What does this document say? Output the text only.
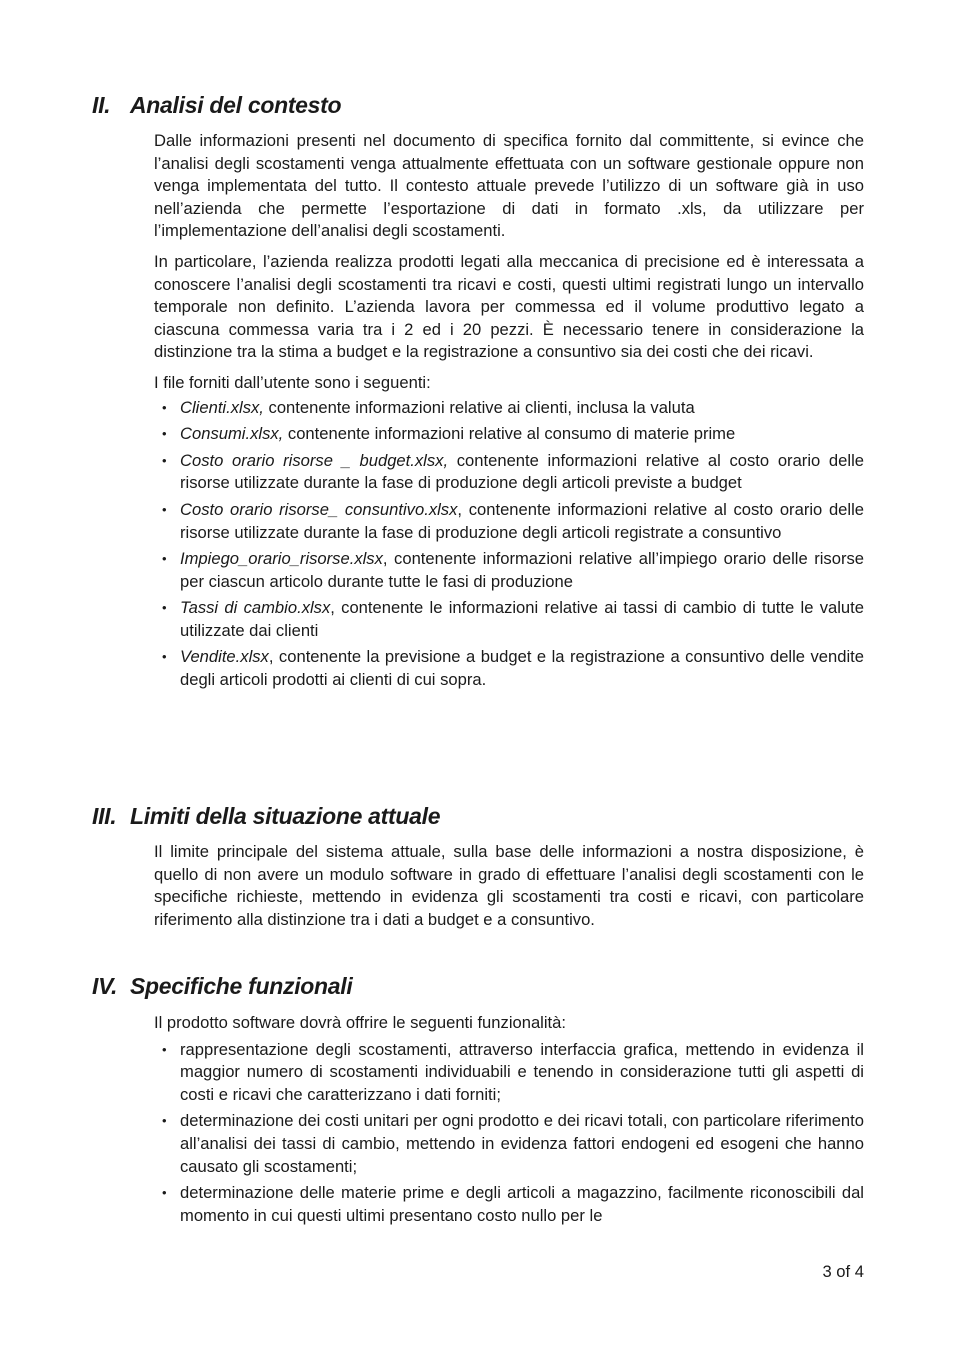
II. Analisi del contesto

Dalle informazioni presenti nel documento di specifica fornito dal committente, si evince che l’analisi degli scostamenti venga attualmente effettuata con un software gestionale oppure non venga implementata del tutto. Il contesto attuale prevede l’utilizzo di un software già in uso nell’azienda che permette l’esportazione di dati in formato .xls, da utilizzare per l’implementazione dell’analisi degli scostamenti.

In particolare, l’azienda realizza prodotti legati alla meccanica di precisione ed è interessata a conoscere l’analisi degli scostamenti tra ricavi e costi, questi ultimi registrati lungo un intervallo temporale non definito. L’azienda lavora per commessa ed il volume produttivo legato a ciascuna commessa varia tra i 2 ed i 20 pezzi. È necessario tenere in considerazione la distinzione tra la stima a budget e la registrazione a consuntivo sia dei costi che dei ricavi.

I file forniti dall’utente sono i seguenti:

• Clienti.xlsx, contenente informazioni relative ai clienti, inclusa la valuta
• Consumi.xlsx, contenente informazioni relative al consumo di materie prime
• Costo orario risorse _ budget.xlsx, contenente informazioni relative al costo orario delle risorse utilizzate durante la fase di produzione degli articoli previste a budget
• Costo orario risorse_ consuntivo.xlsx, contenente informazioni relative al costo orario delle risorse utilizzate durante la fase di produzione degli articoli registrate a consuntivo
• Impiego_orario_risorse.xlsx, contenente informazioni relative all’impiego orario delle risorse per ciascun articolo durante tutte le fasi di produzione
• Tassi di cambio.xlsx, contenente le informazioni relative ai tassi di cambio di tutte le valute utilizzate dai clienti
• Vendite.xlsx, contenente la previsione a budget e la registrazione a consuntivo delle vendite degli articoli prodotti ai clienti di cui sopra.
III. Limiti della situazione attuale

Il limite principale del sistema attuale, sulla base delle informazioni a nostra disposizione, è quello di non avere un modulo software in grado di effettuare l’analisi degli scostamenti con le specifiche richieste, mettendo in evidenza gli scostamenti tra costi e ricavi, con particolare riferimento alla distinzione tra i dati a budget e a consuntivo.

IV. Specifiche funzionali

Il prodotto software dovrà offrire le seguenti funzionalità:

• rappresentazione degli scostamenti, attraverso interfaccia grafica, mettendo in evidenza il maggior numero di scostamenti individuabili e tenendo in considerazione tutti gli aspetti di costi e ricavi che caratterizzano i dati forniti;
• determinazione dei costi unitari per ogni prodotto e dei ricavi totali, con particolare riferimento all’analisi dei tassi di cambio, mettendo in evidenza fattori endogeni ed esogeni che hanno causato gli scostamenti;
• determinazione delle materie prime e degli articoli a magazzino, facilmente riconoscibili dal momento in cui questi ultimi presentano costo nullo per le
3 of 4
